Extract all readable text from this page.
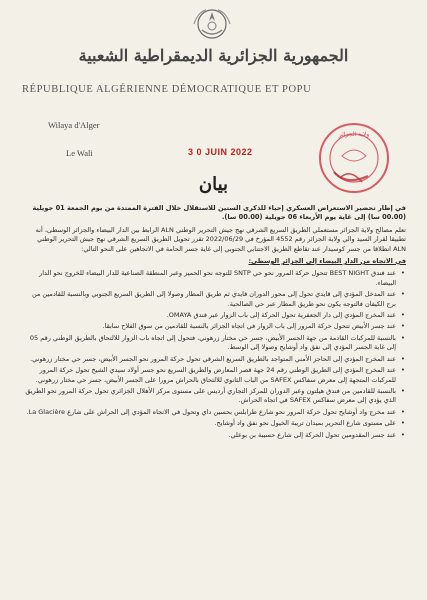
الجمهورية الجزائرية الديمقراطية الشعبية
RÉPUBLIQUE ALGÉRIENNE DÉMOCRATIQUE ET POPU
Wilaya d'Alger
Le Wali	3 0 JUIN 2022
ولاية الجزائر
بيان

في إطار تحضير الاستعراض العسكري إحياء للذكرى الستين للاستقلال خلال الفترة الممتدة من يوم الجمعة 01 جويلية (00.00 سا) إلى غاية يوم الأربعاء 06 جويلية (00.00 سا).

تعلم مصالح ولاية الجزائر مستعملي الطريق السريع الشرقي نهج جيش التحرير الوطني ALN الرابط بين الدار البيضاء والجزائر الوسطى، أنه تطبيقا لقرار السيد والي ولاية الجزائر رقم 4552 المؤرخ في 2022/06/29 تقرر تحويل الطريق السريع الشرقي نهج جيش التحرير الوطني ALN انطلاقا من جسر كوسيدار عند تقاطع الطريق الاجتنابي الجنوبي إلى غاية جسر الحامة في الاتجاهين على النحو التالي:

في الاتجاه من الدار البيضاء إلى الجزائر الوسطى:
• عند فندق BEST NIGHT تتحول حركة المرور نحو حي SNTP للتوجه نحو الحميز وعبر المنطقة الصناعية للدار البيضاء للخروج نحو الدار البيضاء.
• عند المدخل المؤدي إلى قايدي تحول إلى محور الدوران قايدي ثم طريق المطار وصولا إلى الطريق السريع الجنوبي وبالنسبة للقادمين من برج الكيفان فالتوجه يكون نحو طريق المطار عبر حي الصالحية.
• عند المخرج المؤدي إلى دار الجعفرية تحول الحركة إلى باب الزوار عبر فندق OMAYA.
• عند جسر الأبيض تتحول حركة المرور إلى باب الزوار في اتجاه الجزائر بالنسبة للقادمين من سوق الفلاح سابقا.
• بالنسبة للمركبات القادمة من جهة الجسر الأبيض، جسر حي مختار زرهوني، فتحول إلى اتجاه باب الزوار للالتحاق بالطريق الوطني رقم 05 إلى غاية الجسر المؤدي إلى نفق واد أوشايح وصولا إلى الوسط.
• عند المخرج المؤدي إلى الحاجز الأمني المتواجد بالطريق السريع الشرقي تحول حركة المرور نحو الجسر الأبيض، جسر حي مختار زرهوني.
• عند المخرج المؤدي إلى الطريق الوطني رقم 24 جهة قصر المعارض والطريق السريع نحو جسر أولاد سيدي الشيخ تحول حركة المرور للمركبات المتجهة إلى معرض سفاكس SAFEX من الباب الثانوي للالتحاق بالحراش مرورا على الجسر الأبيض، جسر حي مختار زرهوني.
• بالنسبة للقادمين من فندق هيلتون وعبر الدوران للمركز التجاري أرديس على مستوى مركز الأهلال الجزائري تحول حركة المرور نحو الطريق الذي يؤدي إلى معرض سفاكس SAFEX في اتجاه الحراش.
• عند مخرج واد أوشايح تحول حركة المرور نحو شارع طرابلس بحسين داي وتحول في الاتجاه المؤدي إلى الحراش على شارع La Glacière.
• على مستوى شارع التحرير بميدان تريبة الخيول نحو نفق واد أوشايح.
• عند جسر المقدومين تحول الحركة إلى شارع حسيبة بن بوعلي.
